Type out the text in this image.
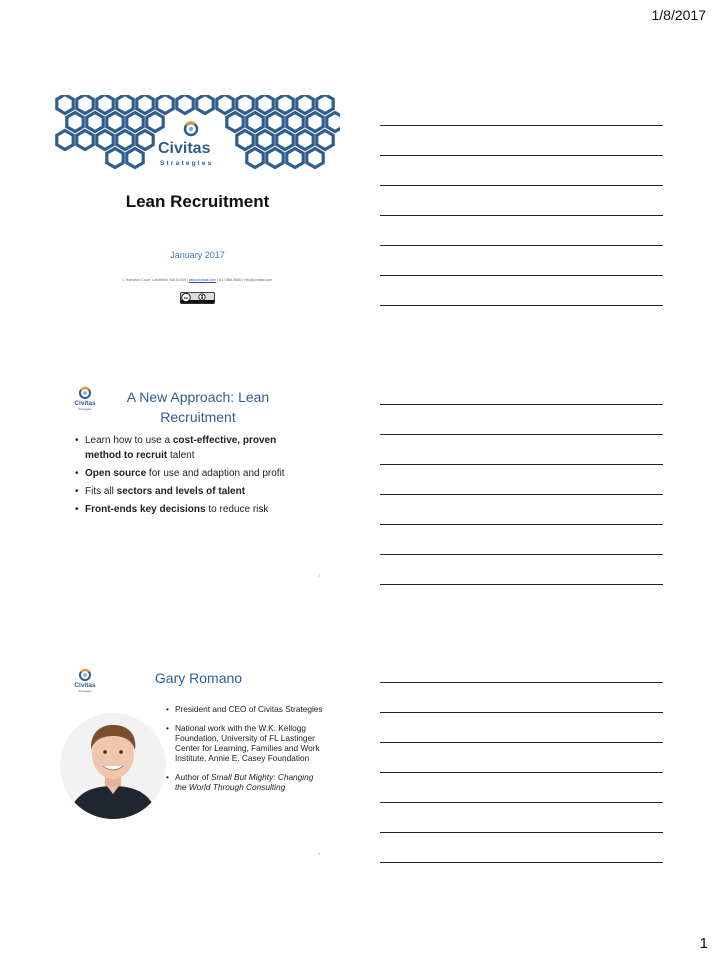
1/8/2017
Civitas
Strategies
Lean Recruitment
January 2017
1 Hampton Court, Larchfield, MA 01949 | www.civitast.com | 617.866.0666 | info@civitast.com
cc
Civitas
Strategies
A New Approach: Lean
Recruitment
• Learn how to use a cost-effective, proven method to recruit talent
• Open source for use and adaption and profit
• Fits all sectors and levels of talent
• Front-ends key decisions to reduce risk
2
Civitas
Strategies
Gary Romano
• President and CEO of Civitas Strategies
• National work with the W.K. Kellogg Foundation, University of FL Lastinger Center for Learning, Families and Work Institute, Annie E. Casey Foundation
• Author of Small But Mighty: Changing the World Through Consulting
3
1
